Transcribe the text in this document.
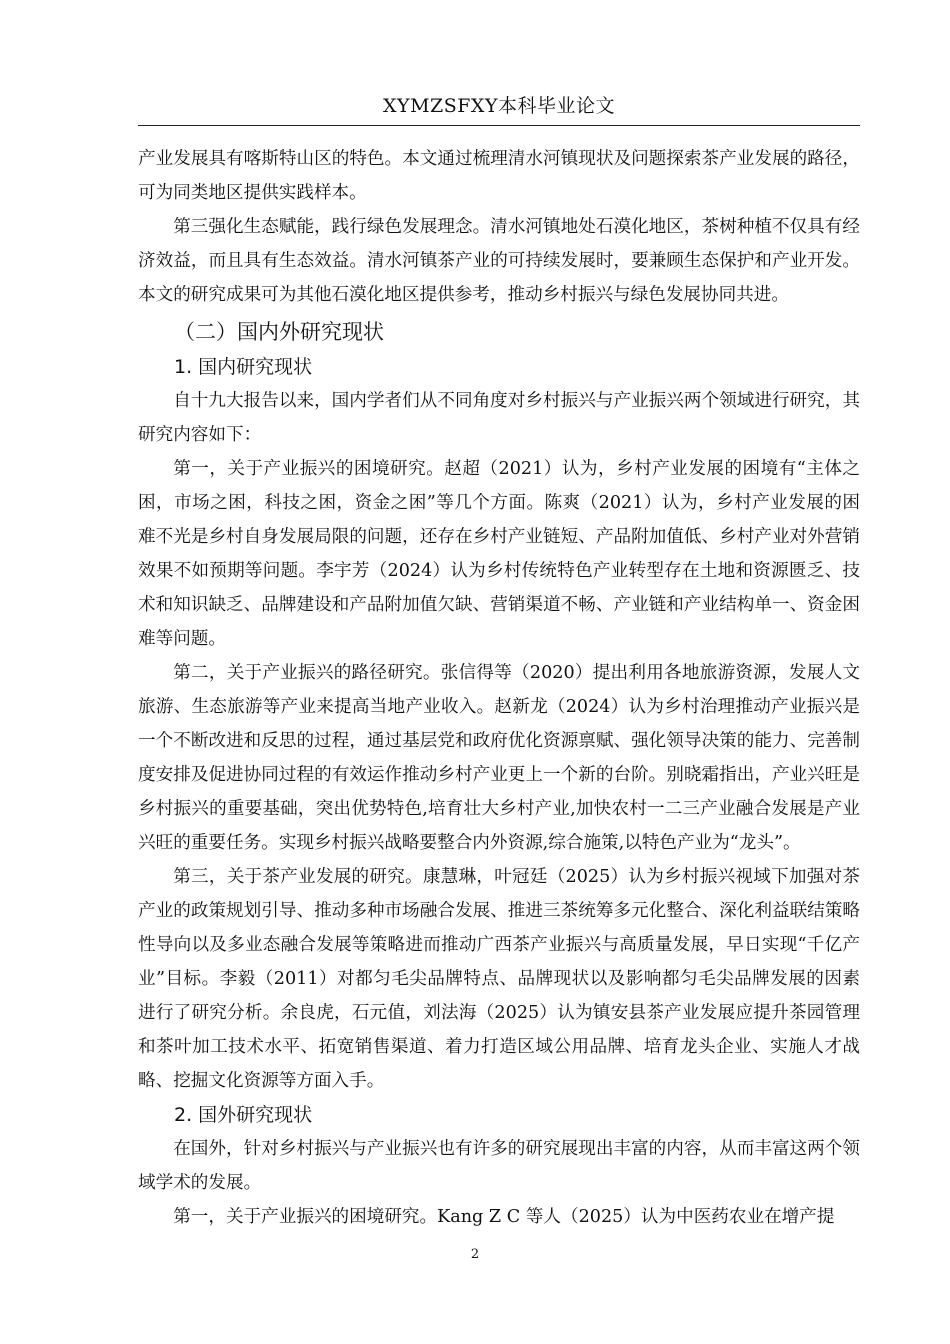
XYMZSFXY本科毕业论文

产业发展具有喀斯特山区的特色。本文通过梳理清水河镇现状及问题探索茶产业发展的路径，可为同类地区提供实践样本。

第三强化生态赋能，践行绿色发展理念。清水河镇地处石漠化地区，茶树种植不仅具有经济效益，而且具有生态效益。清水河镇茶产业的可持续发展时，要兼顾生态保护和产业开发。本文的研究成果可为其他石漠化地区提供参考，推动乡村振兴与绿色发展协同共进。

（二）国内外研究现状
1. 国内研究现状

自十九大报告以来，国内学者们从不同角度对乡村振兴与产业振兴两个领域进行研究，其研究内容如下：

第一，关于产业振兴的困境研究。赵超（2021）认为，乡村产业发展的困境有“主体之困，市场之困，科技之困，资金之困”等几个方面。陈爽（2021）认为，乡村产业发展的困难不光是乡村自身发展局限的问题，还存在乡村产业链短、产品附加值低、乡村产业对外营销效果不如预期等问题。李宇芳（2024）认为乡村传统特色产业转型存在土地和资源匮乏、技术和知识缺乏、品牌建设和产品附加值欠缺、营销渠道不畅、产业链和产业结构单一、资金困难等问题。

第二，关于产业振兴的路径研究。张信得等（2020）提出利用各地旅游资源，发展人文旅游、生态旅游等产业来提高当地产业收入。赵新龙（2024）认为乡村治理推动产业振兴是一个不断改进和反思的过程，通过基层党和政府优化资源禀赋、强化领导决策的能力、完善制度安排及促进协同过程的有效运作推动乡村产业更上一个新的台阶。别晓霜指出，产业兴旺是乡村振兴的重要基础，突出优势特色,培育壮大乡村产业,加快农村一二三产业融合发展是产业兴旺的重要任务。实现乡村振兴战略要整合内外资源,综合施策,以特色产业为“龙头”。

第三，关于茶产业发展的研究。康慧琳，叶冠廷（2025）认为乡村振兴视域下加强对茶产业的政策规划引导、推动多种市场融合发展、推进三茶统筹多元化整合、深化利益联结策略性导向以及多业态融合发展等策略进而推动广西茶产业振兴与高质量发展，早日实现“千亿产业”目标。李毅（2011）对都匀毛尖品牌特点、品牌现状以及影响都匀毛尖品牌发展的因素进行了研究分析。余良虎，石元值，刘法海（2025）认为镇安县茶产业发展应提升茶园管理和茶叶加工技术水平、拓宽销售渠道、着力打造区域公用品牌、培育龙头企业、实施人才战略、挖掘文化资源等方面入手。

2. 国外研究现状

在国外，针对乡村振兴与产业振兴也有许多的研究展现出丰富的内容，从而丰富这两个领域学术的发展。

第一，关于产业振兴的困境研究。Kang Z C 等人（2025）认为中医药农业在增产提

2
